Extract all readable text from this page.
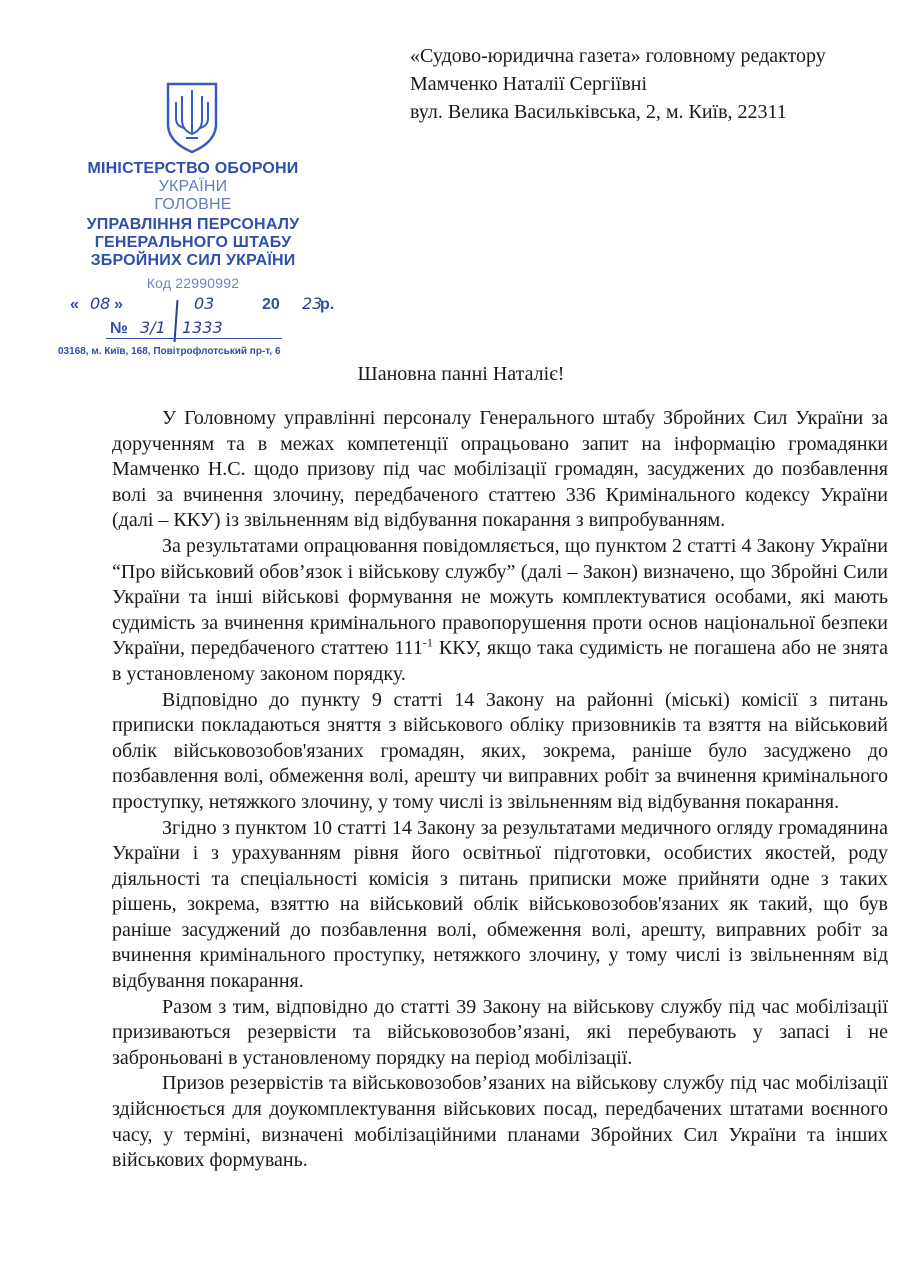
МІНІСТЕРСТВО ОБОРОНИ
УКРАЇНИ
ГОЛОВНЕ
УПРАВЛІННЯ ПЕРСОНАЛУ
ГЕНЕРАЛЬНОГО ШТАБУ
ЗБРОЙНИХ СИЛ УКРАЇНИ
Код 22990992
« 08 »	03	20 23
р.
№ 3/1 1333
03168, м. Київ, 168, Повітрофлотський пр-т, 6
«Судово-юридична газета» головному редактору
Мамченко Наталії Сергіївні
вул. Велика Васильківська, 2, м. Київ, 22311
Шановна панні Наталіє!

У Головному управлінні персоналу Генерального штабу Збройних Сил України за дорученням та в межах компетенції опрацьовано запит на інформацію громадянки Мамченко Н.С. щодо призову під час мобілізації громадян, засуджених до позбавлення волі за вчинення злочину, передбаченого статтею 336 Кримінального кодексу України (далі – ККУ) із звільненням від відбування покарання з випробуванням.

За результатами опрацювання повідомляється, що пунктом 2 статті 4 Закону України “Про військовий обов’язок і військову службу” (далі – Закон) визначено, що Збройні Сили України та інші військові формування не можуть комплектуватися особами, які мають судимість за вчинення кримінального правопорушення проти основ національної безпеки України, передбаченого статтею $111^{-1}$ ККУ, якщо така судимість не погашена або не знята в установленому законом порядку.

Відповідно до пункту 9 статті 14 Закону на районні (міські) комісії з питань приписки покладаються зняття з військового обліку призовників та взяття на військовий облік військовозобов'язаних громадян, яких, зокрема, раніше було засуджено до позбавлення волі, обмеження волі, арешту чи виправних робіт за вчинення кримінального проступку, нетяжкого злочину, у тому числі із звільненням від відбування покарання.

Згідно з пунктом 10 статті 14 Закону за результатами медичного огляду громадянина України і з урахуванням рівня його освітньої підготовки, особистих якостей, роду діяльності та спеціальності комісія з питань приписки може прийняти одне з таких рішень, зокрема, взяттю на військовий облік військовозобов'язаних як такий, що був раніше засуджений до позбавлення волі, обмеження волі, арешту, виправних робіт за вчинення кримінального проступку, нетяжкого злочину, у тому числі із звільненням від відбування покарання.

Разом з тим, відповідно до статті 39 Закону на військову службу під час мобілізації призиваються резервісти та військовозобов’язані, які перебувають у запасі і не заброньовані в установленому порядку на період мобілізації.

Призов резервістів та військовозобов’язаних на військову службу під час мобілізації здійснюється для доукомплектування військових посад, передбачених штатами воєнного часу, у терміні, визначені мобілізаційними планами Збройних Сил України та інших військових формувань.
